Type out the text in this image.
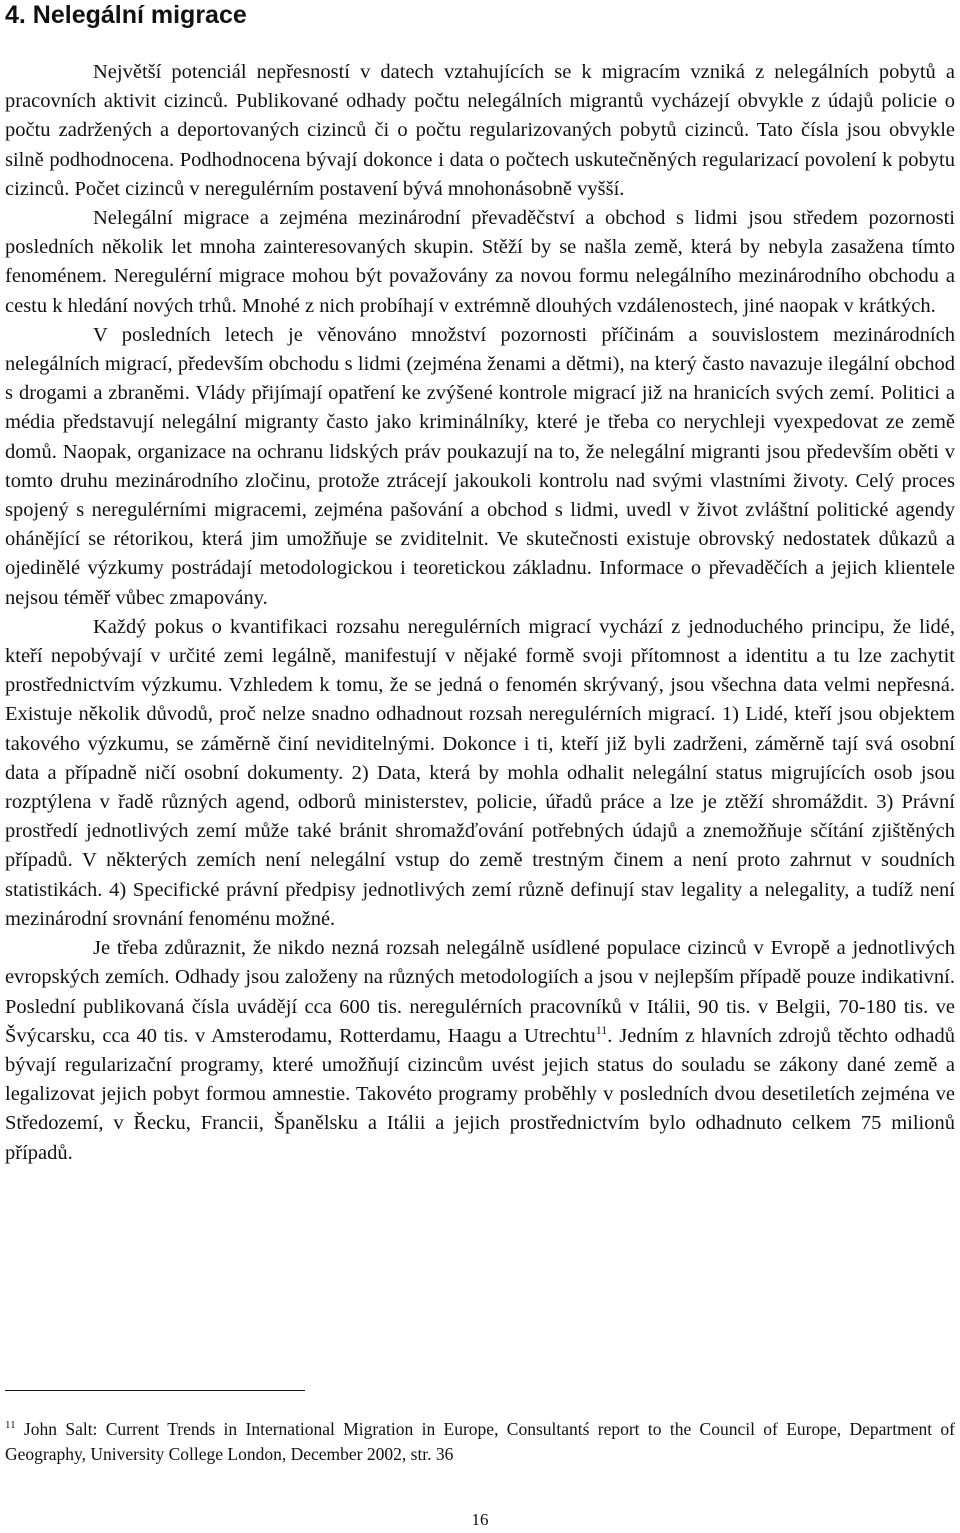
4. Nelegální migrace

Největší potenciál nepřesností v datech vztahujících se k migracím vzniká z nelegálních pobytů a pracovních aktivit cizinců. Publikované odhady počtu nelegálních migrantů vycházejí obvykle z údajů policie o počtu zadržených a deportovaných cizinců či o počtu regularizovaných pobytů cizinců. Tato čísla jsou obvykle silně podhodnocena. Podhodnocena bývají dokonce i data o počtech uskutečněných regularizací povolení k pobytu cizinců. Počet cizinců v neregulérním postavení bývá mnohonásobně vyšší.

Nelegální migrace a zejména mezinárodní převaděčství a obchod s lidmi jsou středem pozornosti posledních několik let mnoha zainteresovaných skupin. Stěží by se našla země, která by nebyla zasažena tímto fenoménem. Neregulérní migrace mohou být považovány za novou formu nelegálního mezinárodního obchodu a cestu k hledání nových trhů. Mnohé z nich probíhají v extrémně dlouhých vzdálenostech, jiné naopak v krátkých.

V posledních letech je věnováno množství pozornosti příčinám a souvislostem mezinárodních nelegálních migrací, především obchodu s lidmi (zejména ženami a dětmi), na který často navazuje ilegální obchod s drogami a zbraněmi. Vlády přijímají opatření ke zvýšené kontrole migrací již na hranicích svých zemí. Politici a média představují nelegální migranty často jako kriminálníky, které je třeba co nerychleji vyexpedovat ze země domů. Naopak, organizace na ochranu lidských práv poukazují na to, že nelegální migranti jsou především oběti v tomto druhu mezinárodního zločinu, protože ztrácejí jakoukoli kontrolu nad svými vlastními životy. Celý proces spojený s neregulérními migracemi, zejména pašování a obchod s lidmi, uvedl v život zvláštní politické agendy ohánějící se rétorikou, která jim umožňuje se zviditelnit. Ve skutečnosti existuje obrovský nedostatek důkazů a ojedinělé výzkumy postrádají metodologickou i teoretickou základnu. Informace o převaděčích a jejich klientele nejsou téměř vůbec zmapovány.

Každý pokus o kvantifikaci rozsahu neregulérních migrací vychází z jednoduchého principu, že lidé, kteří nepobývají v určité zemi legálně, manifestují v nějaké formě svoji přítomnost a identitu a tu lze zachytit prostřednictvím výzkumu. Vzhledem k tomu, že se jedná o fenomén skrývaný, jsou všechna data velmi nepřesná. Existuje několik důvodů, proč nelze snadno odhadnout rozsah neregulérních migrací. 1) Lidé, kteří jsou objektem takového výzkumu, se záměrně činí neviditelnými. Dokonce i ti, kteří již byli zadrženi, záměrně tají svá osobní data a případně ničí osobní dokumenty. 2) Data, která by mohla odhalit nelegální status migrujících osob jsou rozptýlena v řadě různých agend, odborů ministerstev, policie, úřadů práce a lze je ztěží shromáždit. 3) Právní prostředí jednotlivých zemí může také bránit shromažďování potřebných údajů a znemožňuje sčítání zjištěných případů. V některých zemích není nelegální vstup do země trestným činem a není proto zahrnut v soudních statistikách. 4) Specifické právní předpisy jednotlivých zemí různě definují stav legality a nelegality, a tudíž není mezinárodní srovnání fenoménu možné.

Je třeba zdůraznit, že nikdo nezná rozsah nelegálně usídlené populace cizinců v Evropě a jednotlivých evropských zemích. Odhady jsou založeny na různých metodologiích a jsou v nejlepším případě pouze indikativní. Poslední publikovaná čísla uvádějí cca 600 tis. neregulérních pracovníků v Itálii, 90 tis. v Belgii, 70-180 tis. ve Švýcarsku, cca 40 tis. v Amsterodamu, Rotterdamu, Haagu a Utrechtu$^{11}$. Jedním z hlavních zdrojů těchto odhadů bývají regularizační programy, které umožňují cizincům uvést jejich status do souladu se zákony dané země a legalizovat jejich pobyt formou amnestie. Takovéto programy proběhly v posledních dvou desetiletích zejména ve Středozemí, v Řecku, Francii, Španělsku a Itálii a jejich prostřednictvím bylo odhadnuto celkem 75 milionů případů.

$^{11}$ John Salt: Current Trends in International Migration in Europe, Consultantś report to the Council of Europe, Department of Geography, University College London, December 2002, str. 36

16
